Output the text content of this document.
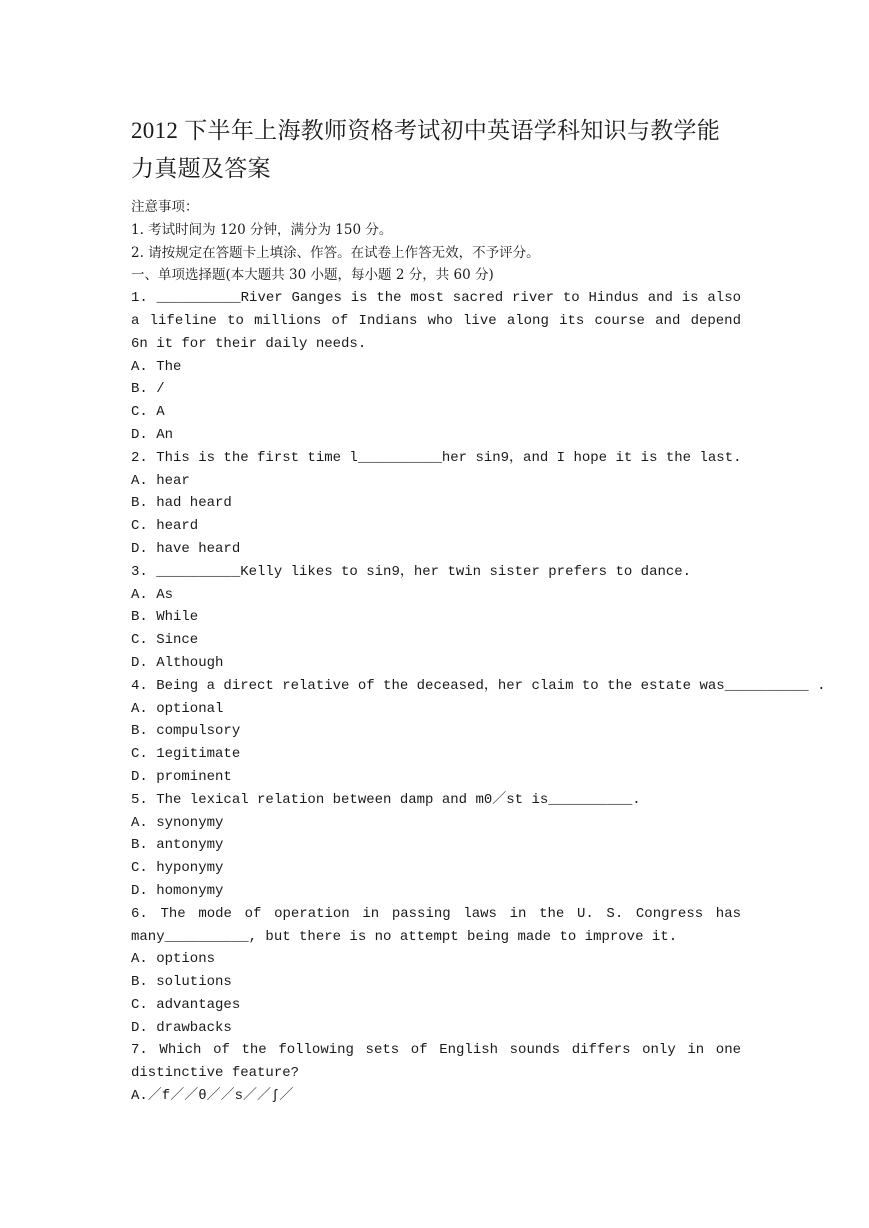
2012 下半年上海教师资格考试初中英语学科知识与教学能
力真题及答案
注意事项：
1. 考试时间为 120 分钟，满分为 150 分。
2. 请按规定在答题卡上填涂、作答。在试卷上作答无效，不予评分。
一、单项选择题(本大题共 30 小题，每小题 2 分，共 60 分)
1. __________River Ganges is the most sacred river to Hindus and is also a lifeline to millions of Indians who live along its course and depend 6n it for their daily needs.
A. The
B. /
C. A
D. An
2. This is the first time l__________her sin9，and I hope it is the last.
A. hear
B. had heard
C. heard
D. have heard
3. __________Kelly likes to sin9，her twin sister prefers to dance.
A. As
B. While
C. Since
D. Although
4. Being a direct relative of the deceased，her claim to the estate was__________ .
A. optional
B. compulsory
C. 1egitimate
D. prominent
5. The lexical relation between damp and m0／st is__________.
A. synonymy
B. antonymy
C. hyponymy
D. homonymy
6. The mode of operation in passing laws in the U. S. Congress has many__________, but there is no attempt being made to improve it.
A. options
B. solutions
C. advantages
D. drawbacks
7. Which of the following sets of English sounds differs only in one distinctive feature?
A.／f／／θ／／s／／ʃ／
